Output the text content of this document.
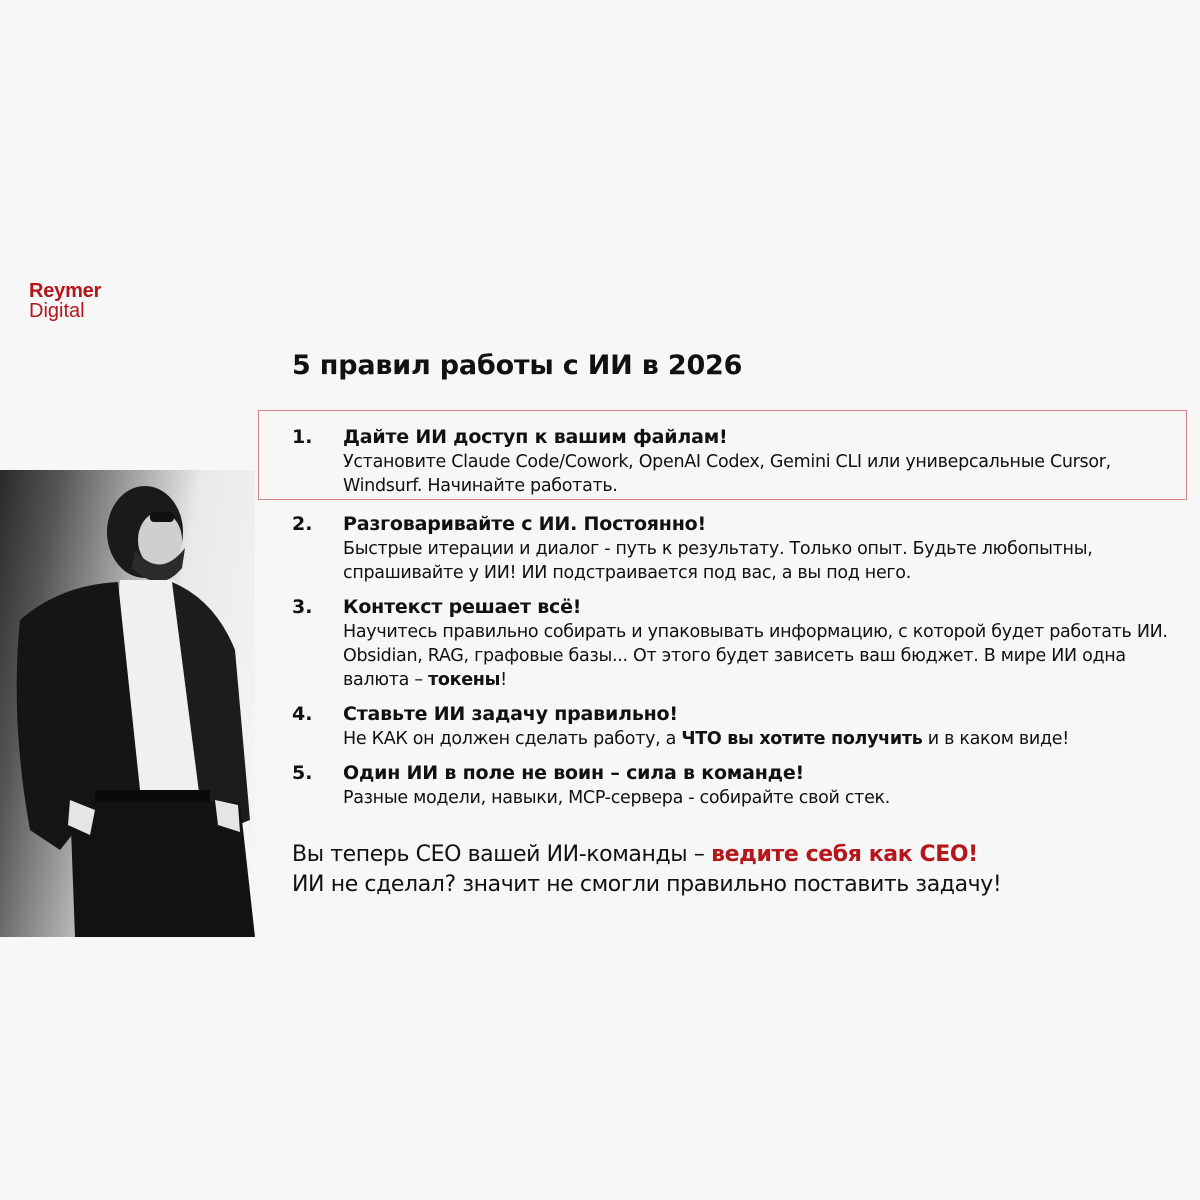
Reymer
Digital
5 правил работы с ИИ в 2026
1. Дайте ИИ доступ к вашим файлам!
Установите Claude Code/Cowork, OpenAI Codex, Gemini CLI или универсальные Cursor, Windsurf. Начинайте работать.
2. Разговаривайте с ИИ. Постоянно!
Быстрые итерации и диалог - путь к результату. Только опыт. Будьте любопытны, спрашивайте у ИИ! ИИ подстраивается под вас, а вы под него.
3. Контекст решает всё!
Научитесь правильно собирать и упаковывать информацию, с которой будет работать ИИ. Obsidian, RAG, графовые базы... От этого будет зависеть ваш бюджет. В мире ИИ одна валюта – токены!
4. Ставьте ИИ задачу правильно!
Не КАК он должен сделать работу, а ЧТО вы хотите получить и в каком виде!
5. Один ИИ в поле не воин – сила в команде!
Разные модели, навыки, MCP-сервера - собирайте свой стек.
Вы теперь CEO вашей ИИ-команды – ведите себя как CEO!
ИИ не сделал? значит не смогли правильно поставить задачу!
